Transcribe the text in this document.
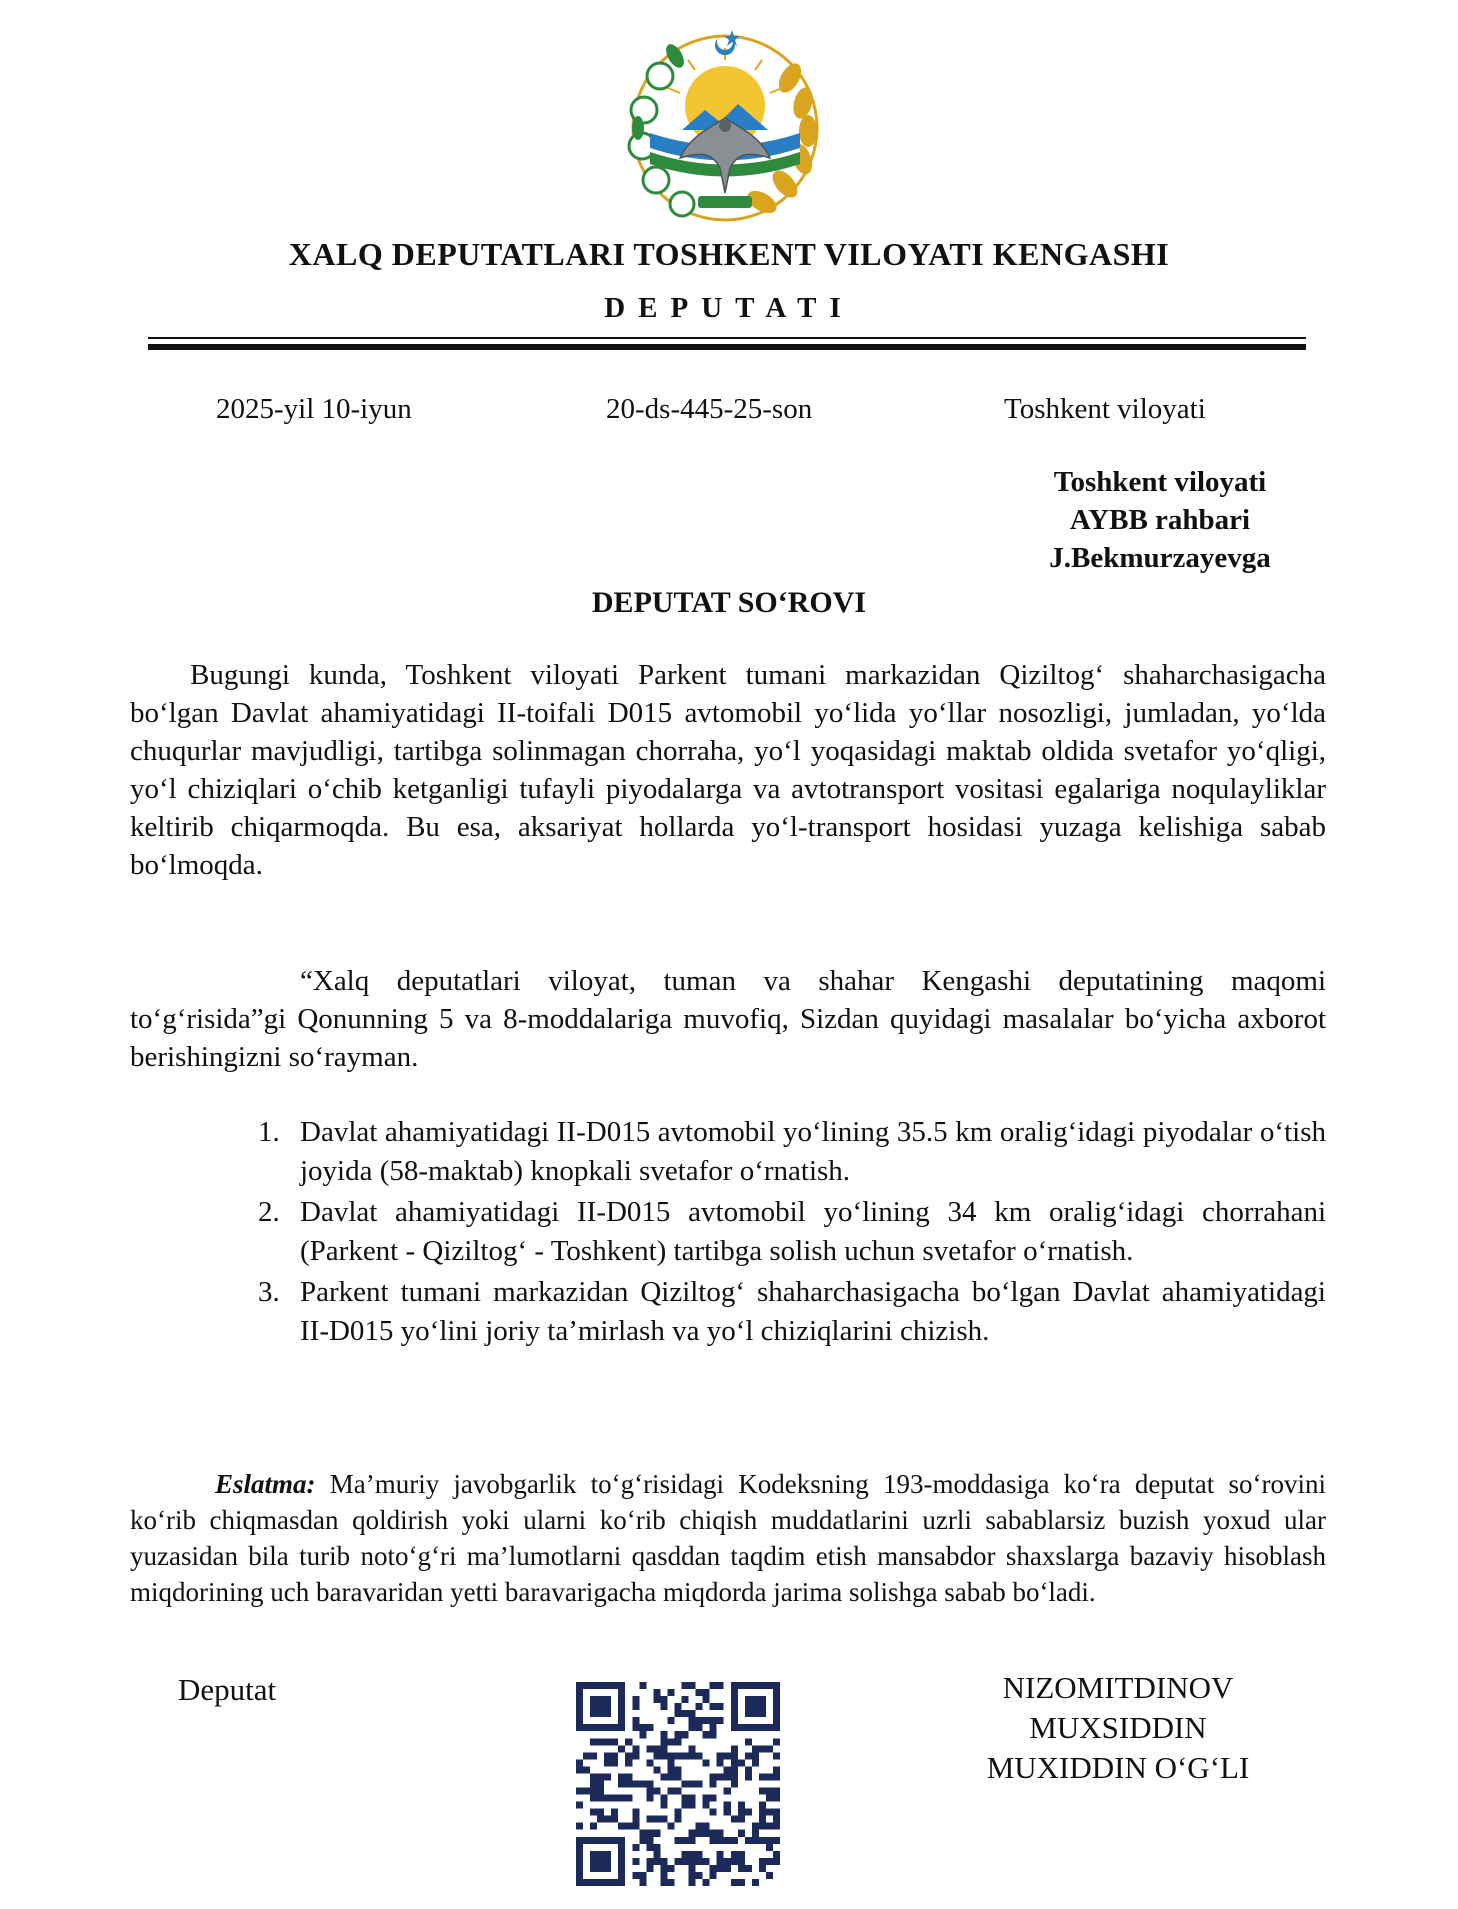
XALQ DEPUTATLARI TOSHKENT VILOYATI KENGASHI
DEPUTATI
2025-yil 10-iyun	20-ds-445-25-son	Toshkent viloyati
Toshkent viloyati
AYBB rahbari
J.Bekmurzayevga
DEPUTAT SO‘ROVI

Bugungi kunda, Toshkent viloyati Parkent tumani markazidan Qiziltog‘ shaharchasigacha bo‘lgan Davlat ahamiyatidagi II-toifali D015 avtomobil yo‘lida yo‘llar nosozligi, jumladan, yo‘lda chuqurlar mavjudligi, tartibga solinmagan chorraha, yo‘l yoqasidagi maktab oldida svetafor yo‘qligi, yo‘l chiziqlari o‘chib ketganligi tufayli piyodalarga va avtotransport vositasi egalariga noqulayliklar keltirib chiqarmoqda. Bu esa, aksariyat hollarda yo‘l-transport hosidasi yuzaga kelishiga sabab bo‘lmoqda.

“Xalq deputatlari viloyat, tuman va shahar Kengashi deputatining maqomi to‘g‘risida”gi Qonunning 5 va 8-moddalariga muvofiq, Sizdan quyidagi masalalar bo‘yicha axborot berishingizni so‘rayman.

1. Davlat ahamiyatidagi II-D015 avtomobil yo‘lining 35.5 km oralig‘idagi piyodalar o‘tish joyida (58-maktab) knopkali svetafor o‘rnatish.
2. Davlat ahamiyatidagi II-D015 avtomobil yo‘lining 34 km oralig‘idagi chorrahani (Parkent - Qiziltog‘ - Toshkent) tartibga solish uchun svetafor o‘rnatish.
3. Parkent tumani markazidan Qiziltog‘ shaharchasigacha bo‘lgan Davlat ahamiyatidagi II-D015 yo‘lini joriy ta’mirlash va yo‘l chiziqlarini chizish.

Eslatma: Ma’muriy javobgarlik to‘g‘risidagi Kodeksning 193-moddasiga ko‘ra deputat so‘rovini ko‘rib chiqmasdan qoldirish yoki ularni ko‘rib chiqish muddatlarini uzrli sabablarsiz buzish yoxud ular yuzasidan bila turib noto‘g‘ri ma’lumotlarni qasddan taqdim etish mansabdor shaxslarga bazaviy hisoblash miqdorining uch baravaridan yetti baravarigacha miqdorda jarima solishga sabab bo‘ladi.

Deputat	NIZOMITDINOV
MUXSIDDIN
MUXIDDIN O‘G‘LI
